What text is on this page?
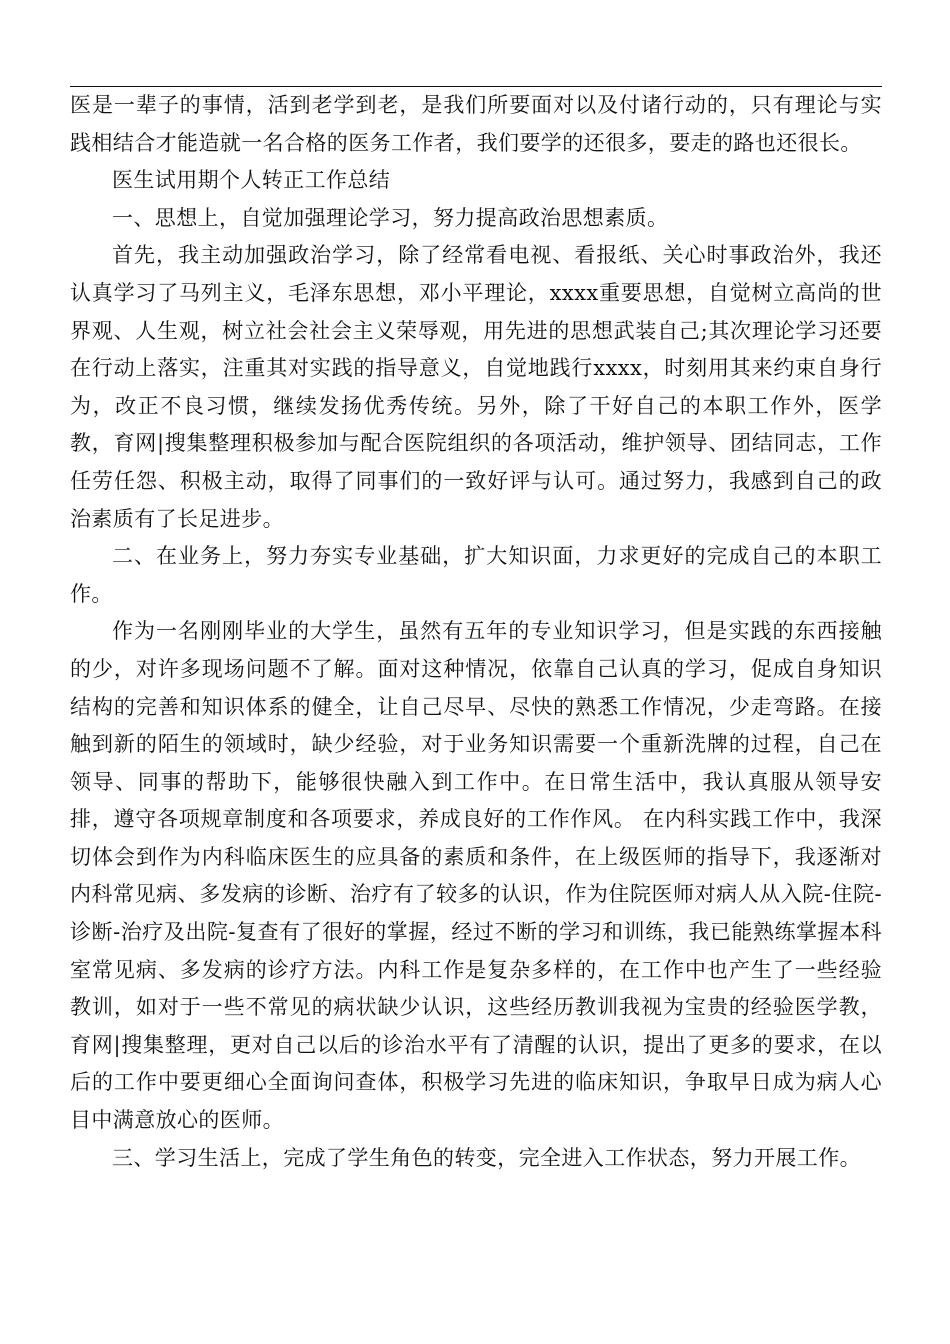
医是一辈子的事情，活到老学到老，是我们所要面对以及付诸行动的，只有理论与实践相结合才能造就一名合格的医务工作者，我们要学的还很多，要走的路也还很长。

医生试用期个人转正工作总结

一、思想上，自觉加强理论学习，努力提高政治思想素质。

首先，我主动加强政治学习，除了经常看电视、看报纸、关心时事政治外，我还认真学习了马列主义，毛泽东思想，邓小平理论，xxxx重要思想，自觉树立高尚的世界观、人生观，树立社会社会主义荣辱观，用先进的思想武装自己;其次理论学习还要在行动上落实，注重其对实践的指导意义，自觉地践行xxxx，时刻用其来约束自身行为，改正不良习惯，继续发扬优秀传统。另外，除了干好自己的本职工作外，医学教，育网|搜集整理积极参加与配合医院组织的各项活动，维护领导、团结同志，工作任劳任怨、积极主动，取得了同事们的一致好评与认可。通过努力，我感到自己的政治素质有了长足进步。

二、在业务上，努力夯实专业基础，扩大知识面，力求更好的完成自己的本职工作。

作为一名刚刚毕业的大学生，虽然有五年的专业知识学习，但是实践的东西接触的少，对许多现场问题不了解。面对这种情况，依靠自己认真的学习，促成自身知识结构的完善和知识体系的健全，让自己尽早、尽快的熟悉工作情况，少走弯路。在接触到新的陌生的领域时，缺少经验，对于业务知识需要一个重新洗牌的过程，自己在领导、同事的帮助下，能够很快融入到工作中。在日常生活中，我认真服从领导安排，遵守各项规章制度和各项要求，养成良好的工作作风。 在内科实践工作中，我深切体会到作为内科临床医生的应具备的素质和条件，在上级医师的指导下，我逐渐对内科常见病、多发病的诊断、治疗有了较多的认识，作为住院医师对病人从入院-住院-诊断-治疗及出院-复查有了很好的掌握，经过不断的学习和训练，我已能熟练掌握本科室常见病、多发病的诊疗方法。内科工作是复杂多样的，在工作中也产生了一些经验教训，如对于一些不常见的病状缺少认识，这些经历教训我视为宝贵的经验医学教，育网|搜集整理，更对自己以后的诊治水平有了清醒的认识，提出了更多的要求，在以后的工作中要更细心全面询问查体，积极学习先进的临床知识，争取早日成为病人心目中满意放心的医师。

三、学习生活上，完成了学生角色的转变，完全进入工作状态，努力开展工作。
